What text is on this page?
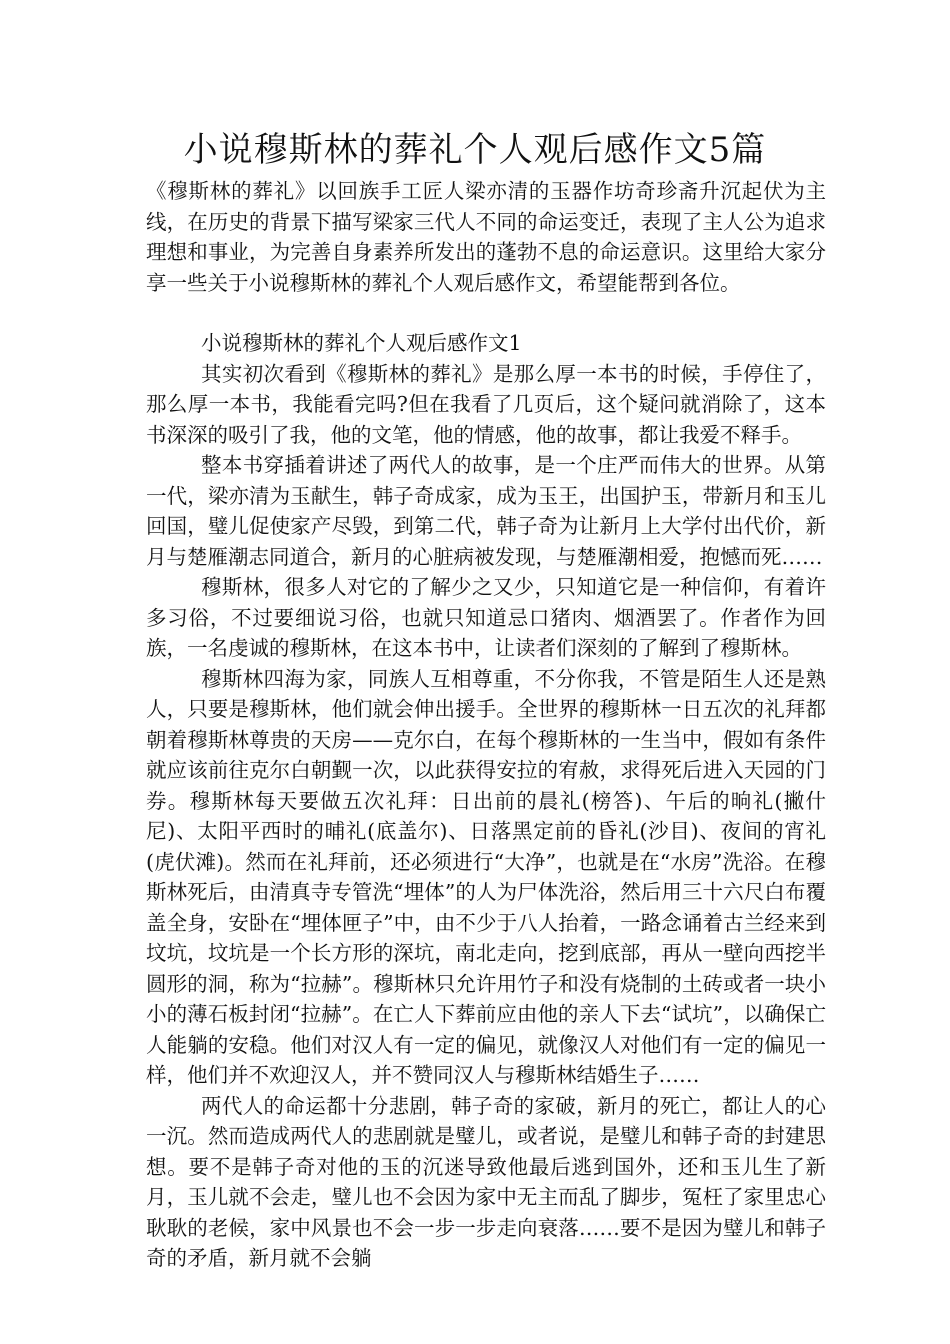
小说穆斯林的葬礼个人观后感作文5篇

《穆斯林的葬礼》以回族手工匠人梁亦清的玉器作坊奇珍斋升沉起伏为主线，在历史的背景下描写梁家三代人不同的命运变迁，表现了主人公为追求理想和事业，为完善自身素养所发出的蓬勃不息的命运意识。这里给大家分享一些关于小说穆斯林的葬礼个人观后感作文，希望能帮到各位。

小说穆斯林的葬礼个人观后感作文1

其实初次看到《穆斯林的葬礼》是那么厚一本书的时候，手停住了，那么厚一本书，我能看完吗?但在我看了几页后，这个疑问就消除了，这本书深深的吸引了我，他的文笔，他的情感，他的故事，都让我爱不释手。

整本书穿插着讲述了两代人的故事，是一个庄严而伟大的世界。从第一代，梁亦清为玉献生，韩子奇成家，成为玉王，出国护玉，带新月和玉儿回国，璧儿促使家产尽毁，到第二代，韩子奇为让新月上大学付出代价，新月与楚雁潮志同道合，新月的心脏病被发现，与楚雁潮相爱，抱憾而死……

穆斯林，很多人对它的了解少之又少，只知道它是一种信仰，有着许多习俗，不过要细说习俗，也就只知道忌口猪肉、烟酒罢了。作者作为回族，一名虔诚的穆斯林，在这本书中，让读者们深刻的了解到了穆斯林。

穆斯林四海为家，同族人互相尊重，不分你我，不管是陌生人还是熟人，只要是穆斯林，他们就会伸出援手。全世界的穆斯林一日五次的礼拜都朝着穆斯林尊贵的天房——克尔白，在每个穆斯林的一生当中，假如有条件就应该前往克尔白朝觐一次，以此获得安拉的宥赦，求得死后进入天园的门券。穆斯林每天要做五次礼拜：日出前的晨礼(榜答)、午后的晌礼(撇什尼)、太阳平西时的晡礼(底盖尔)、日落黑定前的昏礼(沙目)、夜间的宵礼(虎伏滩)。然而在礼拜前，还必须进行“大净”，也就是在“水房”洗浴。在穆斯林死后，由清真寺专管洗“埋体”的人为尸体洗浴，然后用三十六尺白布覆盖全身，安卧在“埋体匣子”中，由不少于八人抬着，一路念诵着古兰经来到坟坑，坟坑是一个长方形的深坑，南北走向，挖到底部，再从一壁向西挖半圆形的洞，称为“拉赫”。穆斯林只允许用竹子和没有烧制的土砖或者一块小小的薄石板封闭“拉赫”。在亡人下葬前应由他的亲人下去“试坑”，以确保亡人能躺的安稳。他们对汉人有一定的偏见，就像汉人对他们有一定的偏见一样，他们并不欢迎汉人，并不赞同汉人与穆斯林结婚生子……

两代人的命运都十分悲剧，韩子奇的家破，新月的死亡，都让人的心一沉。然而造成两代人的悲剧就是璧儿，或者说，是璧儿和韩子奇的封建思想。要不是韩子奇对他的玉的沉迷导致他最后逃到国外，还和玉儿生了新月，玉儿就不会走，璧儿也不会因为家中无主而乱了脚步，冤枉了家里忠心耿耿的老候，家中风景也不会一步一步走向衰落……要不是因为璧儿和韩子奇的矛盾，新月就不会躺
